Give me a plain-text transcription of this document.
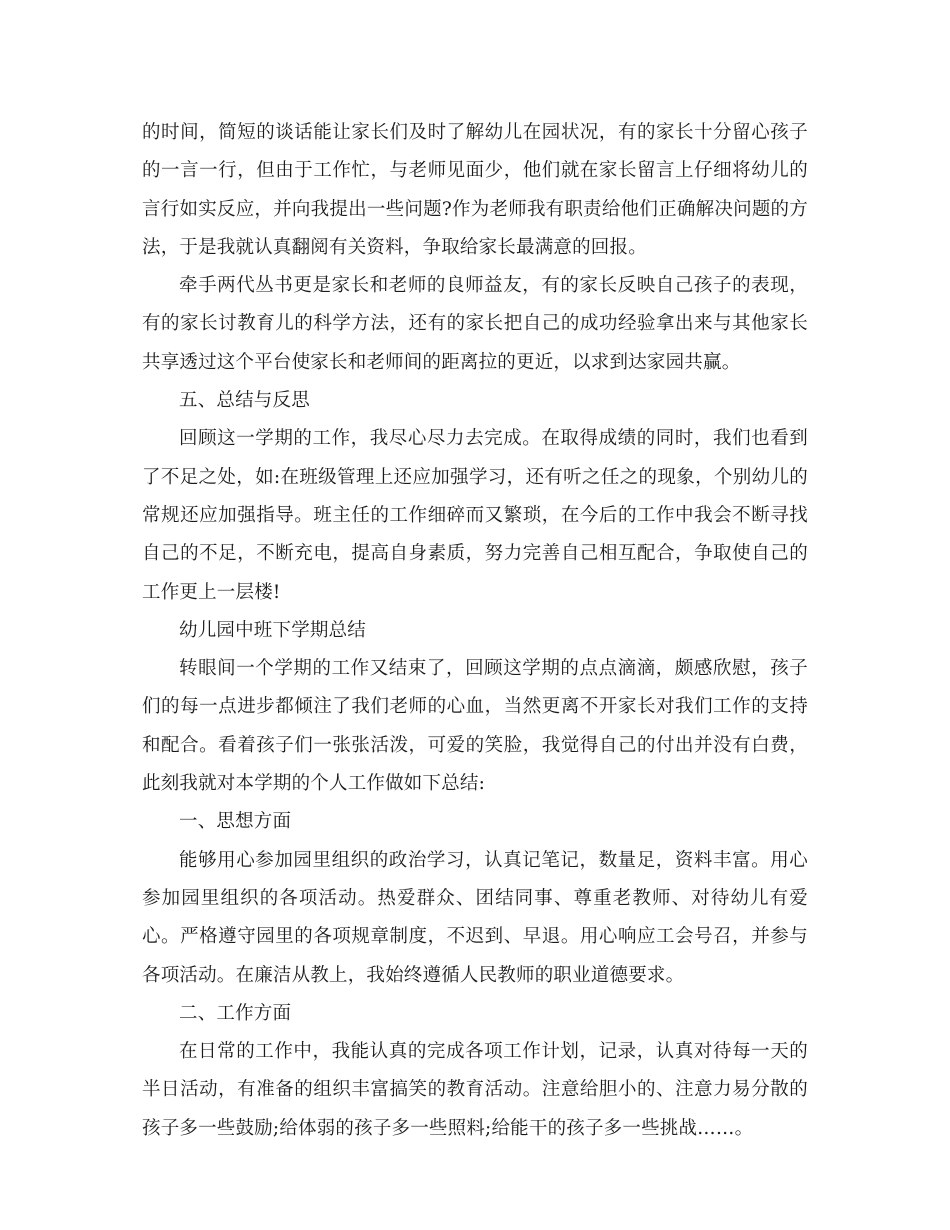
的时间，简短的谈话能让家长们及时了解幼儿在园状况，有的家长十分留心孩子的一言一行，但由于工作忙，与老师见面少，他们就在家长留言上仔细将幼儿的言行如实反应，并向我提出一些问题?作为老师我有职责给他们正确解决问题的方法，于是我就认真翻阅有关资料，争取给家长最满意的回报。

牵手两代丛书更是家长和老师的良师益友，有的家长反映自己孩子的表现，有的家长讨教育儿的科学方法，还有的家长把自己的成功经验拿出来与其他家长共享透过这个平台使家长和老师间的距离拉的更近，以求到达家园共赢。

五、总结与反思

回顾这一学期的工作，我尽心尽力去完成。在取得成绩的同时，我们也看到了不足之处，如:在班级管理上还应加强学习，还有听之任之的现象，个别幼儿的常规还应加强指导。班主任的工作细碎而又繁琐，在今后的工作中我会不断寻找自己的不足，不断充电，提高自身素质，努力完善自己相互配合，争取使自己的工作更上一层楼!

幼儿园中班下学期总结

转眼间一个学期的工作又结束了，回顾这学期的点点滴滴，颇感欣慰，孩子们的每一点进步都倾注了我们老师的心血，当然更离不开家长对我们工作的支持和配合。看着孩子们一张张活泼，可爱的笑脸，我觉得自己的付出并没有白费，此刻我就对本学期的个人工作做如下总结:

一、思想方面

能够用心参加园里组织的政治学习，认真记笔记，数量足，资料丰富。用心参加园里组织的各项活动。热爱群众、团结同事、尊重老教师、对待幼儿有爱心。严格遵守园里的各项规章制度，不迟到、早退。用心响应工会号召，并参与各项活动。在廉洁从教上，我始终遵循人民教师的职业道德要求。

二、工作方面

在日常的工作中，我能认真的完成各项工作计划，记录，认真对待每一天的半日活动，有准备的组织丰富搞笑的教育活动。注意给胆小的、注意力易分散的孩子多一些鼓励;给体弱的孩子多一些照料;给能干的孩子多一些挑战……。
